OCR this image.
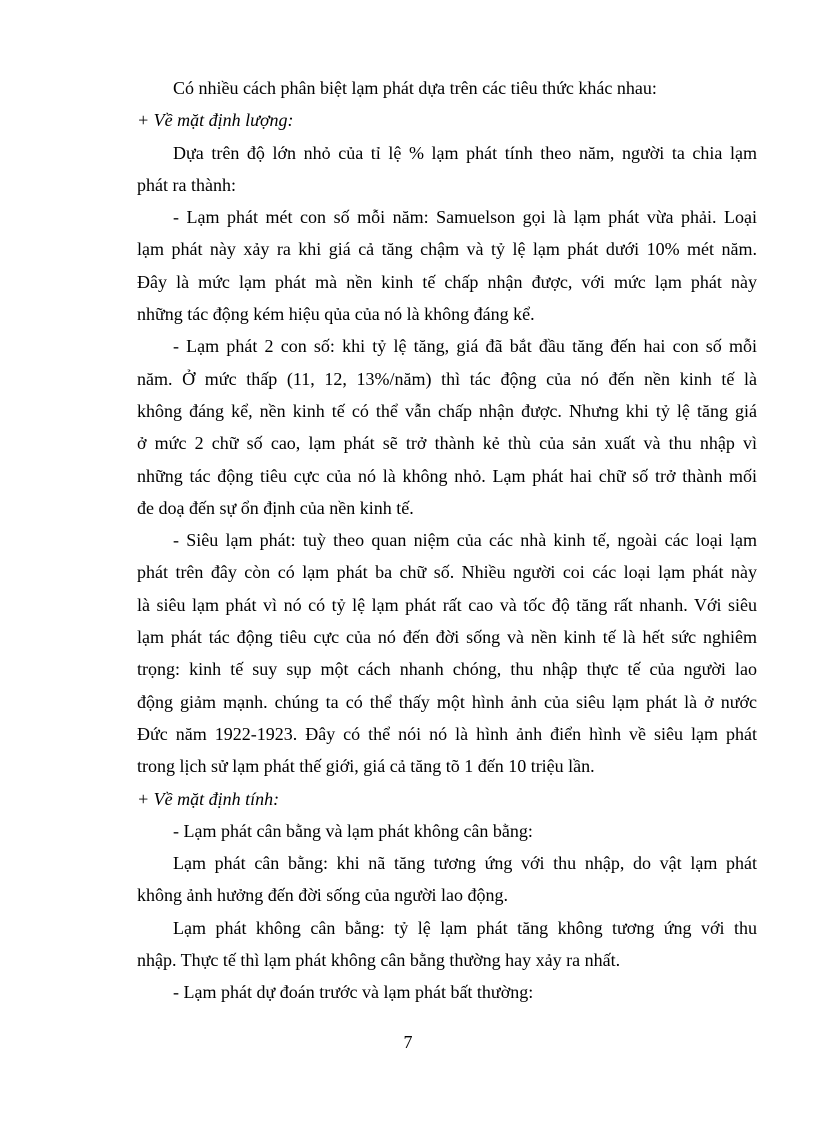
Có nhiều cách phân biệt lạm phát dựa trên các tiêu thức khác nhau:
+ Về mặt định lượng:
Dựa trên độ lớn nhỏ của tỉ lệ % lạm phát tính theo năm, người ta chia lạm
phát ra thành:
- Lạm phát mét con số mỗi năm: Samuelson gọi là lạm phát vừa phải. Loại
lạm phát này xảy ra khi giá cả tăng chậm và tỷ lệ lạm phát dưới 10% mét năm.
Đây là mức lạm phát mà nền kinh tế chấp nhận được, với mức lạm phát này
những tác động kém hiệu qủa của nó là không đáng kể.
- Lạm phát 2 con số: khi tỷ lệ tăng, giá đã bắt đầu tăng đến hai con số mỗi
năm. Ở mức thấp (11, 12, 13%/năm) thì tác động của nó đến nền kinh tế là
không đáng kể, nền kinh tế có thể vẫn chấp nhận được. Nhưng khi tỷ lệ tăng giá
ở mức 2 chữ số cao, lạm phát sẽ trở thành kẻ thù của sản xuất và thu nhập vì
những tác động tiêu cực của nó là không nhỏ. Lạm phát hai chữ số trở thành mối
đe doạ đến sự ổn định của nền kinh tế.
- Siêu lạm phát: tuỳ theo quan niệm của các nhà kinh tế, ngoài các loại lạm
phát trên đây còn có lạm phát ba chữ số. Nhiều người coi các loại lạm phát này
là siêu lạm phát vì nó có tỷ lệ lạm phát rất cao và tốc độ tăng rất nhanh. Với siêu
lạm phát tác động tiêu cực của nó đến đời sống và nền kinh tế là hết sức nghiêm
trọng: kinh tế suy sụp một cách nhanh chóng, thu nhập thực tế của người lao
động giảm mạnh. chúng ta có thể thấy một hình ảnh của siêu lạm phát là ở nước
Đức năm 1922-1923. Đây có thể nói nó là hình ảnh điển hình về siêu lạm phát
trong lịch sử lạm phát thế giới, giá cả tăng tõ 1 đến 10 triệu lần.
+ Về mặt định tính:
- Lạm phát cân bằng và lạm phát không cân bằng:
Lạm phát cân bằng: khi nã tăng tương ứng với thu nhập, do vật lạm phát
không ảnh hưởng đến đời sống của người lao động.
Lạm phát không cân bằng: tỷ lệ lạm phát tăng không tương ứng với thu
nhập. Thực tế thì lạm phát không cân bằng thường hay xảy ra nhất.
- Lạm phát dự đoán trước và lạm phát bất thường:
7
